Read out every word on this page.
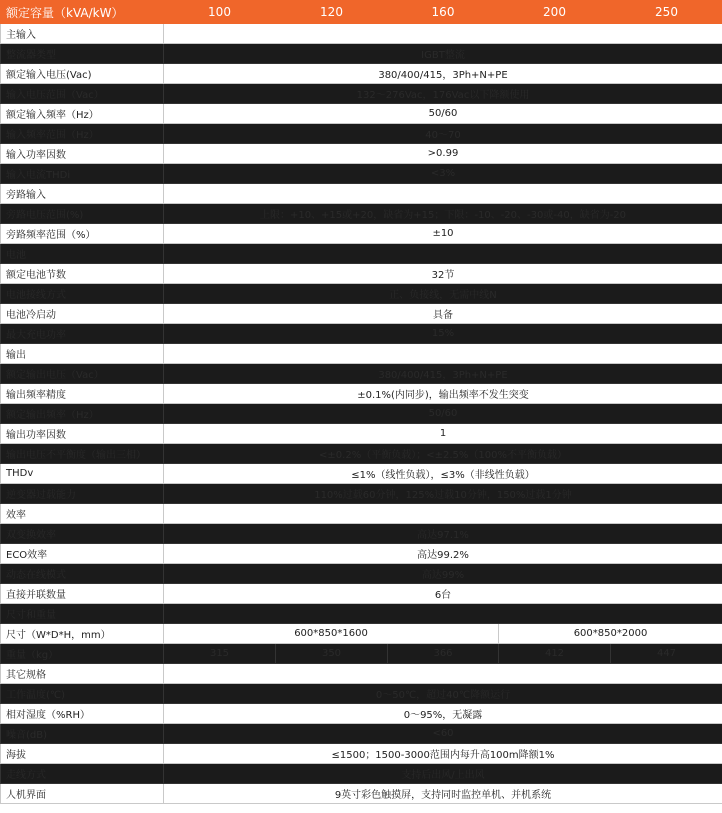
额定容量（kVA/kW）	100	120	160	200	250
主输入					
整流器类型	IGBT整流				
额定输入电压(Vac)	380/400/415，3Ph+N+PE				
输入电压范围（Vac）	132～276Vac，176Vac以下降额使用				
额定输入频率（Hz）	50/60				
输入频率范围（Hz）	40～70				
输入功率因数	>0.99				
输入电流THDi	<3%				
旁路输入					
旁路电压范围(%)	上限：+10、+15或+20，缺省为+15；下限：-10、-20、-30或-40，缺省为-20				
旁路频率范围（%）	±10				
电池					
额定电池节数	32节				
电池接线方式	正、负接线，无需中线N				
电池冷启动	具备				
最大充电功率	15%				
输出					
额定输出电压（Vac）	380/400/415，3Ph+N+PE				
输出频率精度	±0.1%(内同步)，输出频率不发生突变				
额定输出频率（Hz）	50/60				
输出功率因数	1				
输出电压不平衡度（输出三相）	<±0.2%（平衡负载）；<±2.5%（100%不平衡负载）				
THDv	≤1%（线性负载），≤3%（非线性负载）				
逆变器过载能力	110%过载60分钟，125%过载10分钟，150%过载1分钟				
效率					
双变换效率	高达97.1%				
ECO效率	高达99.2%				
动态在线模式	高达99%				
直接并联数量	6台				
尺寸和重量					
尺寸（W*D*H，mm）	600*850*1600			600*850*2000	
重量（kg）	315	350	366	412	447
其它规格					
工作温度(℃)	0～50℃，超过40℃降额运行				
相对湿度（%RH）	0～95%，无凝露				
噪音(dB)	<60				
海拔	≤1500；1500-3000范围内每升高100m降额1%				
走线方式	支持后出风/上出风				
人机界面	9英寸彩色触摸屏，支持同时监控单机、并机系统				
